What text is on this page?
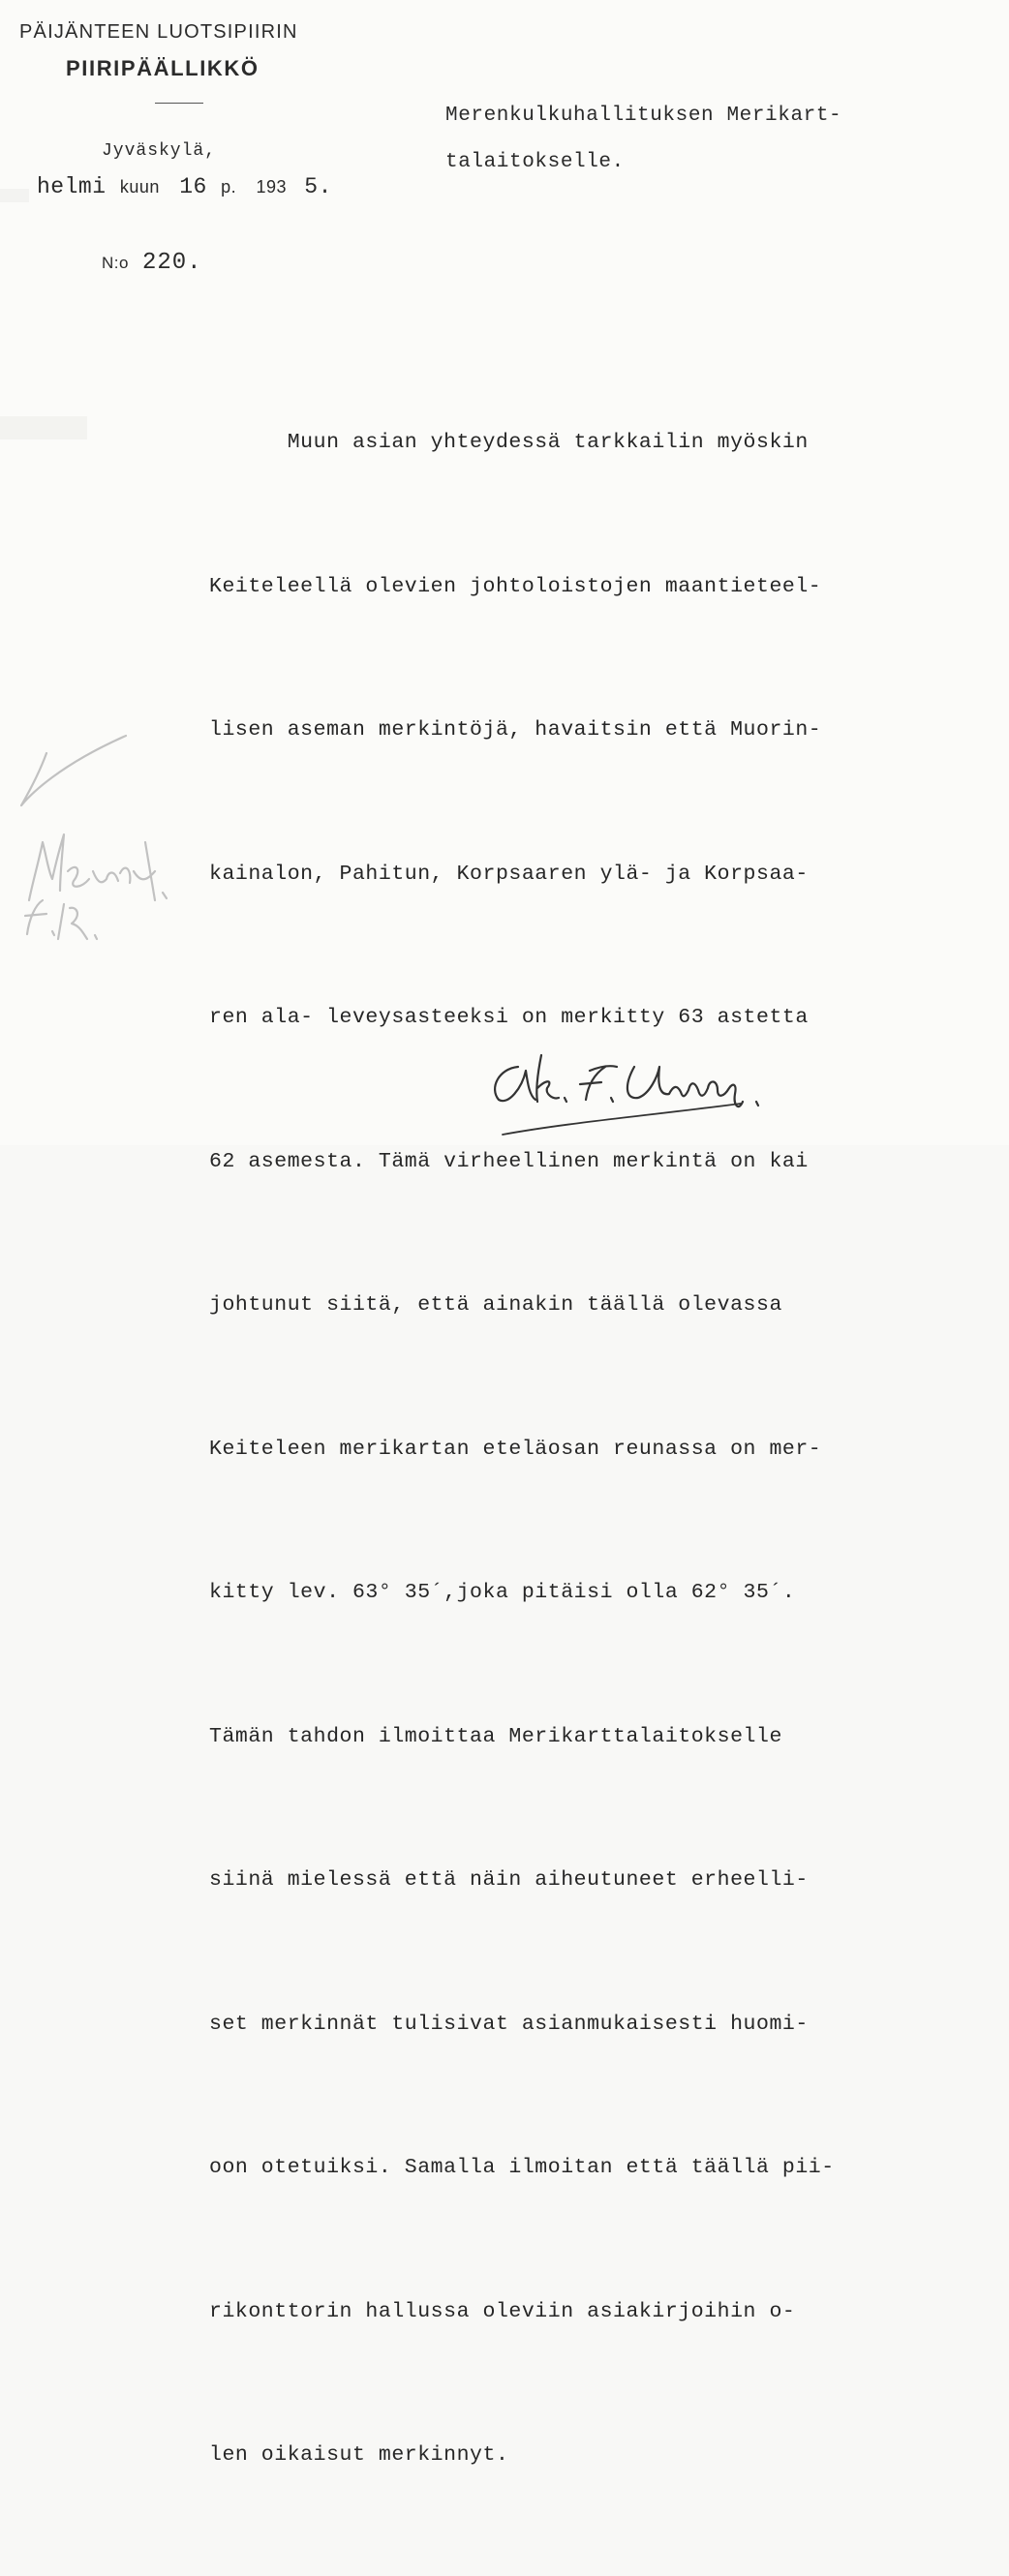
PÄIJÄNTEEN LUOTSIPIIRIN
PIIRIPÄÄLLIKKÖ
Jyväskylä,
helmi kuun 16 p. 193 5.
N:o 220.
Merenkulkuhallituksen Merikart-
talaitokselle.

Muun asian yhteydessä tarkkailin myöskin

Keiteleellä olevien johtoloistojen maantieteel-

lisen aseman merkintöjä, havaitsin että Muorin-

kainalon, Pahitun, Korpsaaren ylä- ja Korpsaa-

ren ala- leveysasteeksi on merkitty 63 astetta

62 asemesta. Tämä virheellinen merkintä on kai

johtunut siitä, että ainakin täällä olevassa

Keiteleen merikartan eteläosan reunassa on mer-

kitty lev. 63° 35´,joka pitäisi olla 62° 35´.

Tämän tahdon ilmoittaa Merikarttalaitokselle

siinä mielessä että näin aiheutuneet erheelli-

set merkinnät tulisivat asianmukaisesti huomi-

oon otetuiksi. Samalla ilmoitan että täällä pii-

rikonttorin hallussa oleviin asiakirjoihin o-

len oikaisut merkinnyt.
